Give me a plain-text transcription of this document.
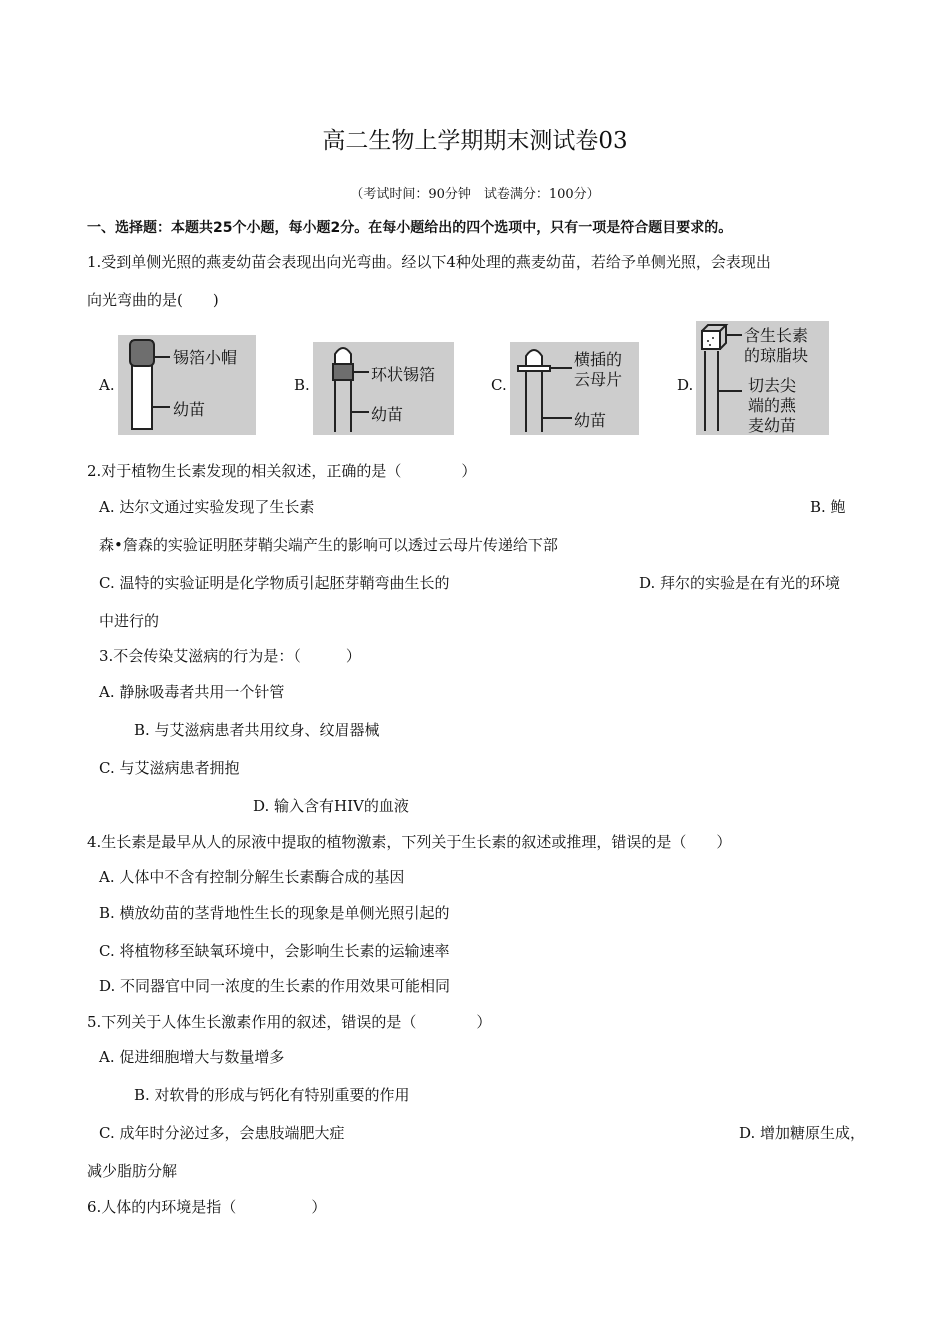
高二生物上学期期末测试卷03
（考试时间：90分钟　试卷满分：100分）
一、选择题：本题共25个小题，每小题2分。在每小题给出的四个选项中，只有一项是符合题目要求的。
1.受到单侧光照的燕麦幼苗会表现出向光弯曲。经以下4种处理的燕麦幼苗，若给予单侧光照，会表现出
向光弯曲的是(　　)
A.
锡箔小帽
幼苗
B.
环状锡箔
幼苗
C.
横插的
云母片
幼苗
D.
含生长素
的琼脂块
切去尖
端的燕
麦幼苗
2.对于植物生长素发现的相关叙述，正确的是（　　　　）
A. 达尔文通过实验发现了生长素	B. 鲍
森•詹森的实验证明胚芽鞘尖端产生的影响可以透过云母片传递给下部
C. 温特的实验证明是化学物质引起胚芽鞘弯曲生长的	D. 拜尔的实验是在有光的环境
中进行的
3.不会传染艾滋病的行为是：（　　　）
A. 静脉吸毒者共用一个针管
B. 与艾滋病患者共用纹身、纹眉器械
C. 与艾滋病患者拥抱
D. 输入含有HIV的血液
4.生长素是最早从人的尿液中提取的植物激素，下列关于生长素的叙述或推理，错误的是（　　）
A. 人体中不含有控制分解生长素酶合成的基因
B. 横放幼苗的茎背地性生长的现象是单侧光照引起的
C. 将植物移至缺氧环境中，会影响生长素的运输速率
D. 不同器官中同一浓度的生长素的作用效果可能相同
5.下列关于人体生长激素作用的叙述，错误的是（　　　　）
A. 促进细胞增大与数量增多
B. 对软骨的形成与钙化有特别重要的作用
C. 成年时分泌过多，会患肢端肥大症	D. 增加糖原生成，
减少脂肪分解
6.人体的内环境是指（　　　　　）
